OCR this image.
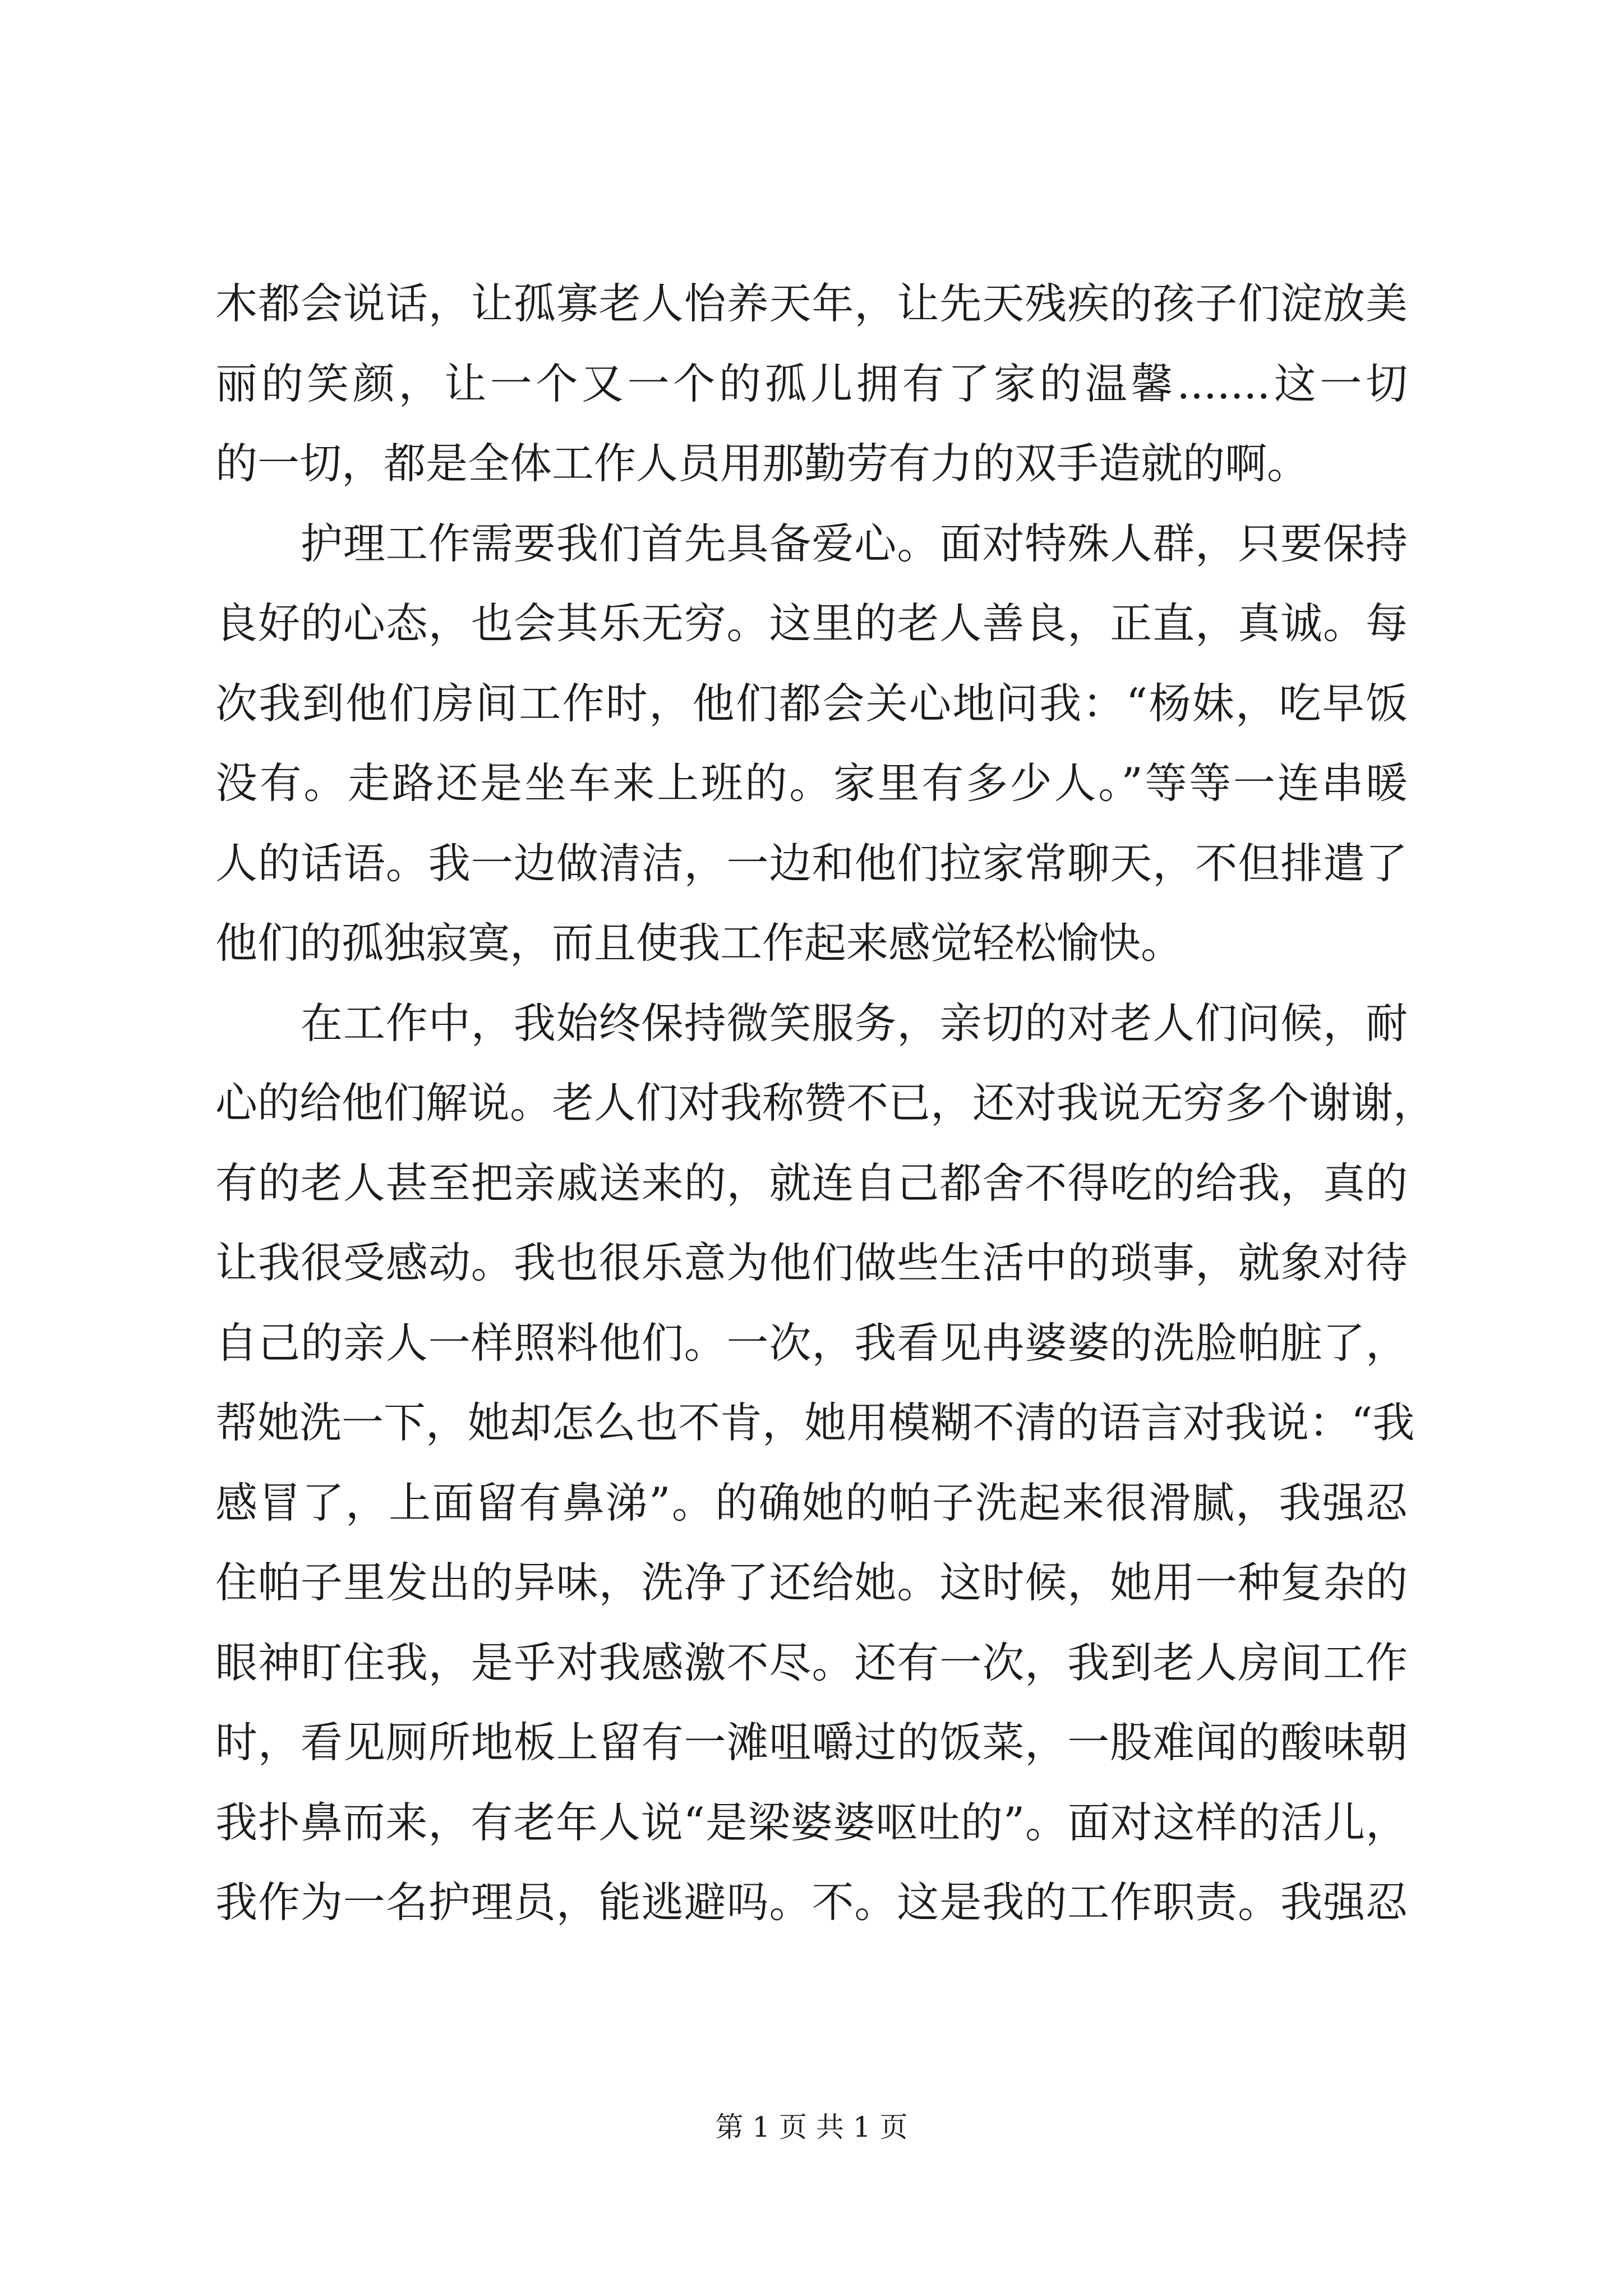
木都会说话，让孤寡老人怡养天年，让先天残疾的孩子们淀放美
丽的笑颜，让一个又一个的孤儿拥有了家的温馨.......这一切
的一切，都是全体工作人员用那勤劳有力的双手造就的啊。
　　护理工作需要我们首先具备爱心。面对特殊人群，只要保持
良好的心态，也会其乐无穷。这里的老人善良，正直，真诚。每
次我到他们房间工作时，他们都会关心地问我：“杨妹，吃早饭
没有。走路还是坐车来上班的。家里有多少人。”等等一连串暖
人的话语。我一边做清洁，一边和他们拉家常聊天，不但排遣了
他们的孤独寂寞，而且使我工作起来感觉轻松愉快。
　　在工作中，我始终保持微笑服务，亲切的对老人们问候，耐
心的给他们解说。老人们对我称赞不已，还对我说无穷多个谢谢，
有的老人甚至把亲戚送来的，就连自己都舍不得吃的给我，真的
让我很受感动。我也很乐意为他们做些生活中的琐事，就象对待
自己的亲人一样照料他们。一次，我看见冉婆婆的洗脸帕脏了，
帮她洗一下，她却怎么也不肯，她用模糊不清的语言对我说：“我
感冒了，上面留有鼻涕”。的确她的帕子洗起来很滑腻，我强忍
住帕子里发出的异味，洗净了还给她。这时候，她用一种复杂的
眼神盯住我，是乎对我感激不尽。还有一次，我到老人房间工作
时，看见厕所地板上留有一滩咀嚼过的饭菜，一股难闻的酸味朝
我扑鼻而来，有老年人说“是梁婆婆呕吐的”。面对这样的活儿，
我作为一名护理员，能逃避吗。不。这是我的工作职责。我强忍
第 1 页 共 1 页
